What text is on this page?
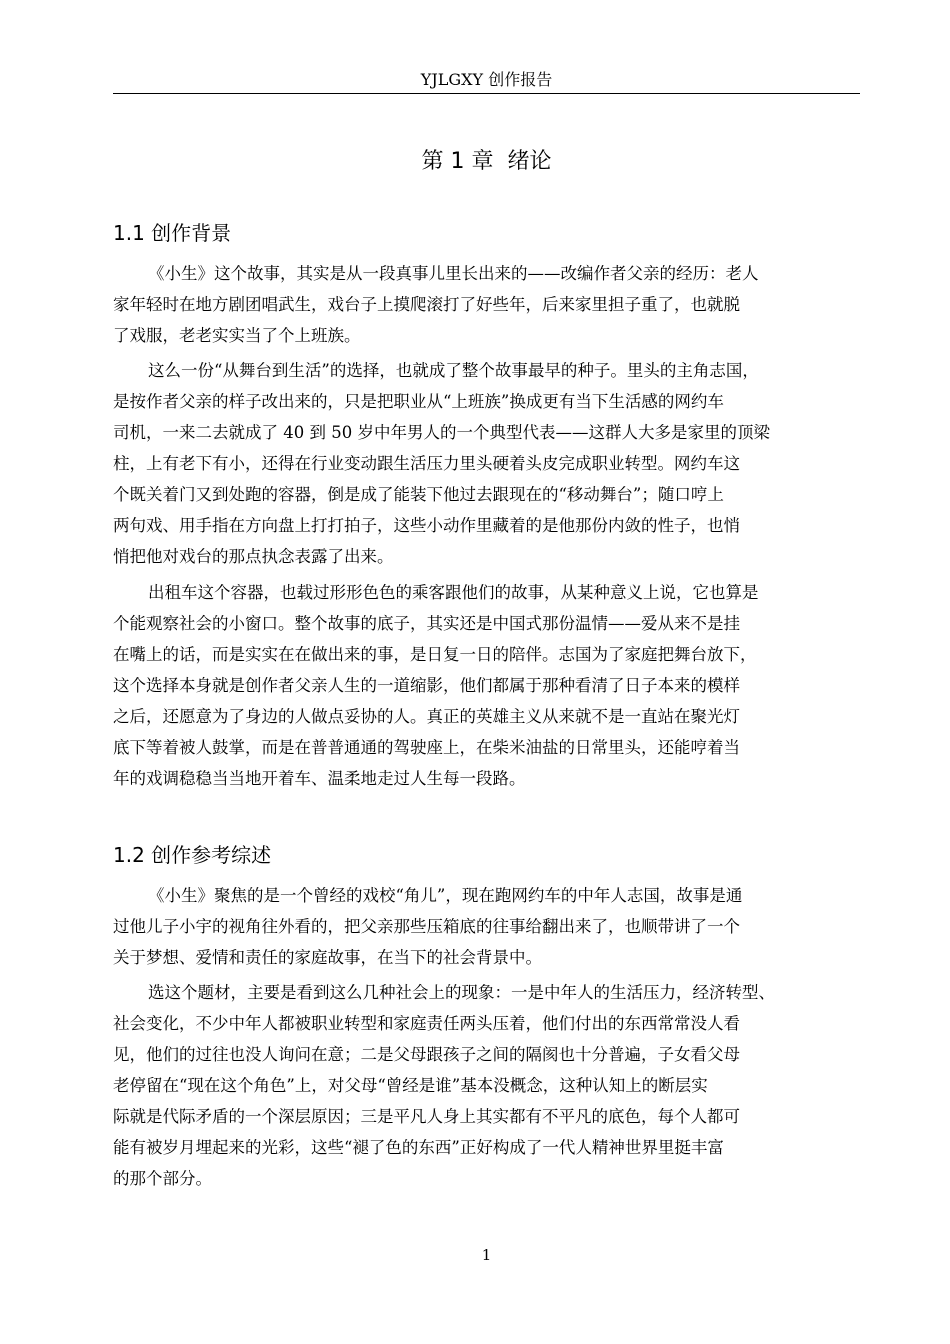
YJLGXY 创作报告
第 1 章  绪论
1.1 创作背景
《小生》这个故事，其实是从一段真事儿里长出来的——改编作者父亲的经历：老人
家年轻时在地方剧团唱武生，戏台子上摸爬滚打了好些年，后来家里担子重了，也就脱
了戏服，老老实实当了个上班族。
这么一份“从舞台到生活”的选择，也就成了整个故事最早的种子。里头的主角志国，
是按作者父亲的样子改出来的，只是把职业从“上班族”换成更有当下生活感的网约车
司机，一来二去就成了 40 到 50 岁中年男人的一个典型代表——这群人大多是家里的顶梁
柱，上有老下有小，还得在行业变动跟生活压力里头硬着头皮完成职业转型。网约车这
个既关着门又到处跑的容器，倒是成了能装下他过去跟现在的“移动舞台”；随口哼上
两句戏、用手指在方向盘上打打拍子，这些小动作里藏着的是他那份内敛的性子，也悄
悄把他对戏台的那点执念表露了出来。
出租车这个容器，也载过形形色色的乘客跟他们的故事，从某种意义上说，它也算是
个能观察社会的小窗口。整个故事的底子，其实还是中国式那份温情——爱从来不是挂
在嘴上的话，而是实实在在做出来的事，是日复一日的陪伴。志国为了家庭把舞台放下，
这个选择本身就是创作者父亲人生的一道缩影，他们都属于那种看清了日子本来的模样
之后，还愿意为了身边的人做点妥协的人。真正的英雄主义从来就不是一直站在聚光灯
底下等着被人鼓掌，而是在普普通通的驾驶座上，在柴米油盐的日常里头，还能哼着当
年的戏调稳稳当当地开着车、温柔地走过人生每一段路。
1.2 创作参考综述
《小生》聚焦的是一个曾经的戏校“角儿”，现在跑网约车的中年人志国，故事是通
过他儿子小宇的视角往外看的，把父亲那些压箱底的往事给翻出来了，也顺带讲了一个
关于梦想、爱情和责任的家庭故事，在当下的社会背景中。
选这个题材，主要是看到这么几种社会上的现象：一是中年人的生活压力，经济转型、
社会变化，不少中年人都被职业转型和家庭责任两头压着，他们付出的东西常常没人看
见，他们的过往也没人询问在意；二是父母跟孩子之间的隔阂也十分普遍，子女看父母
老停留在“现在这个角色”上，对父母“曾经是谁”基本没概念，这种认知上的断层实
际就是代际矛盾的一个深层原因；三是平凡人身上其实都有不平凡的底色，每个人都可
能有被岁月埋起来的光彩，这些“褪了色的东西”正好构成了一代人精神世界里挺丰富
的那个部分。
1
